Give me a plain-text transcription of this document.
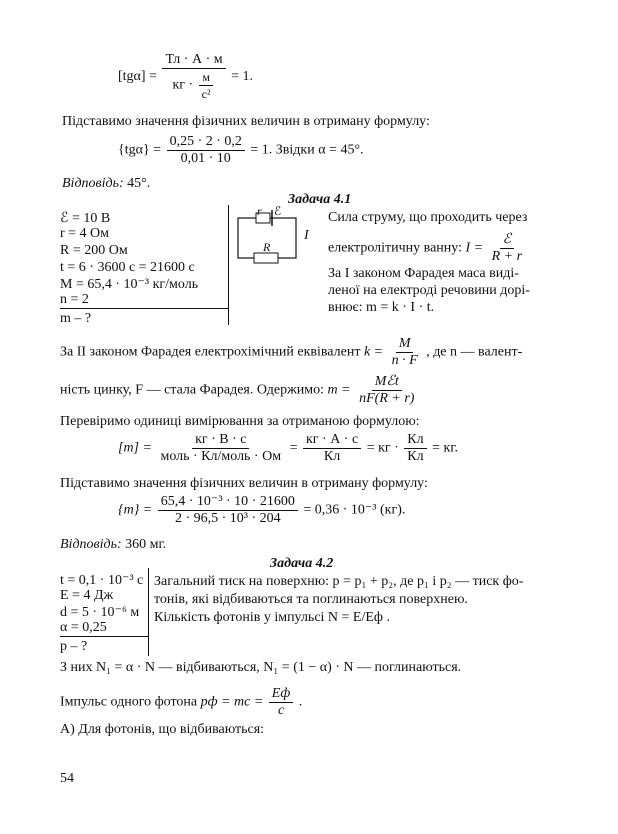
$[tg\alpha] = \frac{Тл \cdot А \cdot м}{кг \cdot \frac{м}{\text{с²}}} = 1$.
Підставимо значення фізичних величин в отриману формулу:
$\{tg\alpha\} = \frac{0,25 \cdot 2 \cdot 0,2}{0,01 \cdot 10} = 1$. Звідки α = 45°.
Відповідь: 45°.
Задача 4.1
ℰ = 10 В
r = 4 Ом
R = 200 Ом
t = 6 · 3600 с = 21600 с
M = 65,4 · 10⁻³ кг/моль
n = 2
m – ?
r ℰ
R
I
Сила струму, що проходить через
електролітичну ванну: $I = \frac{\text{ℰ}}{R + r}$
За I законом Фарадея маса виді-
леної на електроді речовини дорі-
внює: m = k · I · t.
За II законом Фарадея електрохімічний еквівалент $k = \frac{M}{n \cdot F}$ , де n — валент-
ність цинку, F — стала Фарадея. Одержимо: $m = \frac{\text{Mℰt}}{nF(R + r)}$
Перевіримо одиниці вимірювання за отриманою формулою:
$[m] = \frac{кг \cdot В \cdot с}{\text{моль · Кл/моль · Ом}} = \frac{кг \cdot А \cdot с}{Кл}$ = кг · $\frac{Кл}{Кл}$ = кг.
Підставимо значення фізичних величин в отриману формулу:
$\{m\} = \frac{\text{65,4 · 10⁻³ · 10 · 21600}}{\text{2 · 96,5 · 10³ · 204}} = 0,36 \cdot 10^{-3}$ (кг).
Відповідь: 360 мг.
Задача 4.2
t = 0,1 · 10⁻³ с
E = 4 Дж
d = 5 · 10⁻⁶ м
α = 0,25
p – ?
Загальний тиск на поверхню: p = p₁ + p₂, де p₁ і p₂ — тиск фо-
тонів, які відбиваються та поглинаються поверхнею.
Кількість фотонів у імпульсі N = E/Eф .
З них N₁ = α · N — відбиваються, N₁ = (1 − α) · N — поглинаються.
Імпульс одного фотона pф = mc = $\frac{Eф}{c}$ .
А) Для фотонів, що відбиваються:
54
